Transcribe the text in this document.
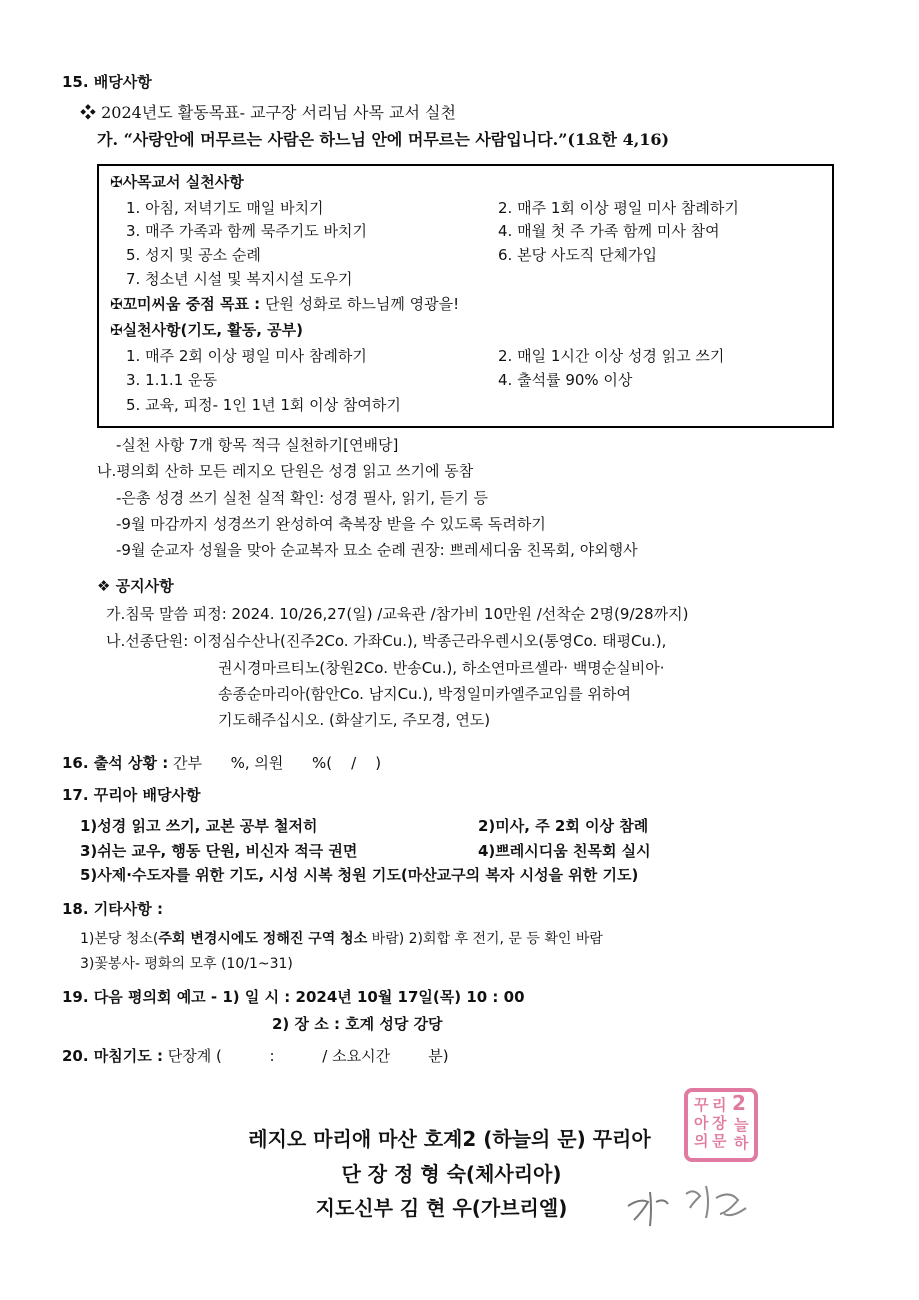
15. 배당사항
❖ 2024년도 활동목표- 교구장 서리님 사목 교서 실천
가. “사랑안에 머무르는 사람은 하느님 안에 머무르는 사람입니다.”(1요한 4,16)
✠사목교서 실천사항
1. 아침, 저녁기도 매일 바치기	2. 매주 1회 이상 평일 미사 참례하기
3. 매주 가족과 함께 묵주기도 바치기	4. 매월 첫 주 가족 함께 미사 참여
5. 성지 및 공소 순례	6. 본당 사도직 단체가입
7. 청소년 시설 및 복지시설 도우기
✠꼬미씨움 중점 목표 : 단원 성화로 하느님께 영광을!
✠실천사항(기도, 활동, 공부)
1. 매주 2회 이상 평일 미사 참례하기	2. 매일 1시간 이상 성경 읽고 쓰기
3. 1.1.1 운동	4. 출석률 90% 이상
5. 교육, 피정- 1인 1년 1회 이상 참여하기
-실천 사항 7개 항목 적극 실천하기[연배당]
나.평의회 산하 모든 레지오 단원은 성경 읽고 쓰기에 동참
-은총 성경 쓰기 실천 실적 확인: 성경 필사, 읽기, 듣기 등
-9월 마감까지 성경쓰기 완성하여 축복장 받을 수 있도록 독려하기
-9월 순교자 성월을 맞아 순교복자 묘소 순례 권장: 쁘레세디움 친목회, 야외행사
❖ 공지사항
가.침묵 말씀 피정: 2024. 10/26,27(일) /교육관 /참가비 10만원 /선착순 2명(9/28까지)
나.선종단원: 이정심수산나(진주2Co. 가좌Cu.), 박종근라우렌시오(통영Co. 태평Cu.),
권시경마르티노(창원2Co. 반송Cu.), 하소연마르셀라· 백명순실비아·
송종순마리아(함안Co. 남지Cu.), 박정일미카엘주교임를 위하여
기도해주십시오. (화살기도, 주모경, 연도)
16. 출석 상황 : 간부      %, 의원      %(    /    )
17. 꾸리아 배당사항
1)성경 읽고 쓰기, 교본 공부 철저히	2)미사, 주 2회 이상 참례
3)쉬는 교우, 행동 단원, 비신자 적극 권면	4)쁘레시디움 친목회 실시
5)사제·수도자를 위한 기도, 시성 시복 청원 기도(마산교구의 복자 시성을 위한 기도)
18. 기타사항 :
1)본당 청소(주회 변경시에도 정해진 구역 청소 바람) 2)회합 후 전기, 문 등 확인 바람
3)꽃봉사- 평화의 모후 (10/1~31)
19. 다음 평의회 예고 - 1) 일 시 : 2024년 10월 17일(목) 10 : 00
2) 장 소 : 호계 성당 강당
20. 마침기도 : 단장계 (          :          / 소요시간        분)
레지오 마리애 마산 호계2 (하늘의 문) 꾸리아
단 장 정 형 숙(체사리아)
지도신부 김 현 우(가브리엘)
꾸 리 2
아 장 늘
의 문 하
